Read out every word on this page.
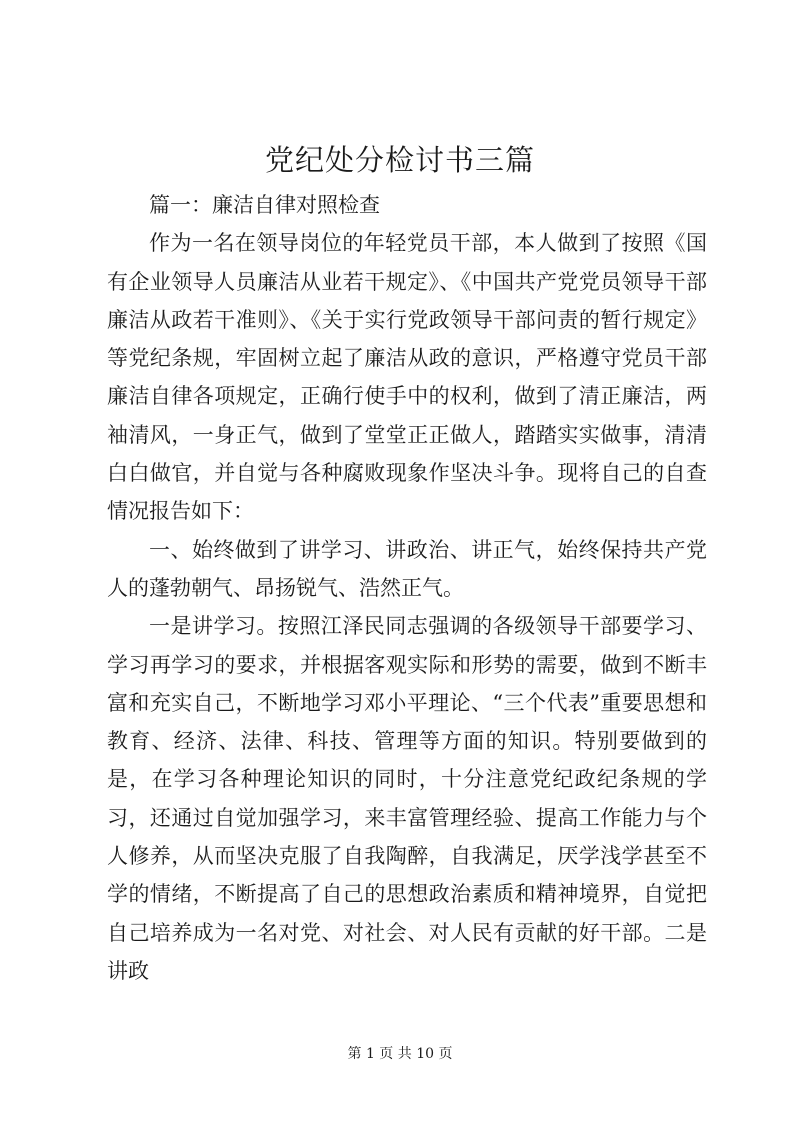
党纪处分检讨书三篇

篇一：廉洁自律对照检查

作为一名在领导岗位的年轻党员干部，本人做到了按照《国有企业领导人员廉洁从业若干规定》、《中国共产党党员领导干部廉洁从政若干准则》、《关于实行党政领导干部问责的暂行规定》等党纪条规，牢固树立起了廉洁从政的意识，严格遵守党员干部廉洁自律各项规定，正确行使手中的权利，做到了清正廉洁，两袖清风，一身正气，做到了堂堂正正做人，踏踏实实做事，清清白白做官，并自觉与各种腐败现象作坚决斗争。现将自己的自查情况报告如下：

一、始终做到了讲学习、讲政治、讲正气，始终保持共产党人的蓬勃朝气、昂扬锐气、浩然正气。

一是讲学习。按照江泽民同志强调的各级领导干部要学习、学习再学习的要求，并根据客观实际和形势的需要，做到不断丰富和充实自己，不断地学习邓小平理论、“三个代表”重要思想和教育、经济、法律、科技、管理等方面的知识。特别要做到的是，在学习各种理论知识的同时，十分注意党纪政纪条规的学习，还通过自觉加强学习，来丰富管理经验、提高工作能力与个人修养，从而坚决克服了自我陶醉，自我满足，厌学浅学甚至不学的情绪，不断提高了自己的思想政治素质和精神境界，自觉把自己培养成为一名对党、对社会、对人民有贡献的好干部。二是讲政

第 1 页 共 10 页
